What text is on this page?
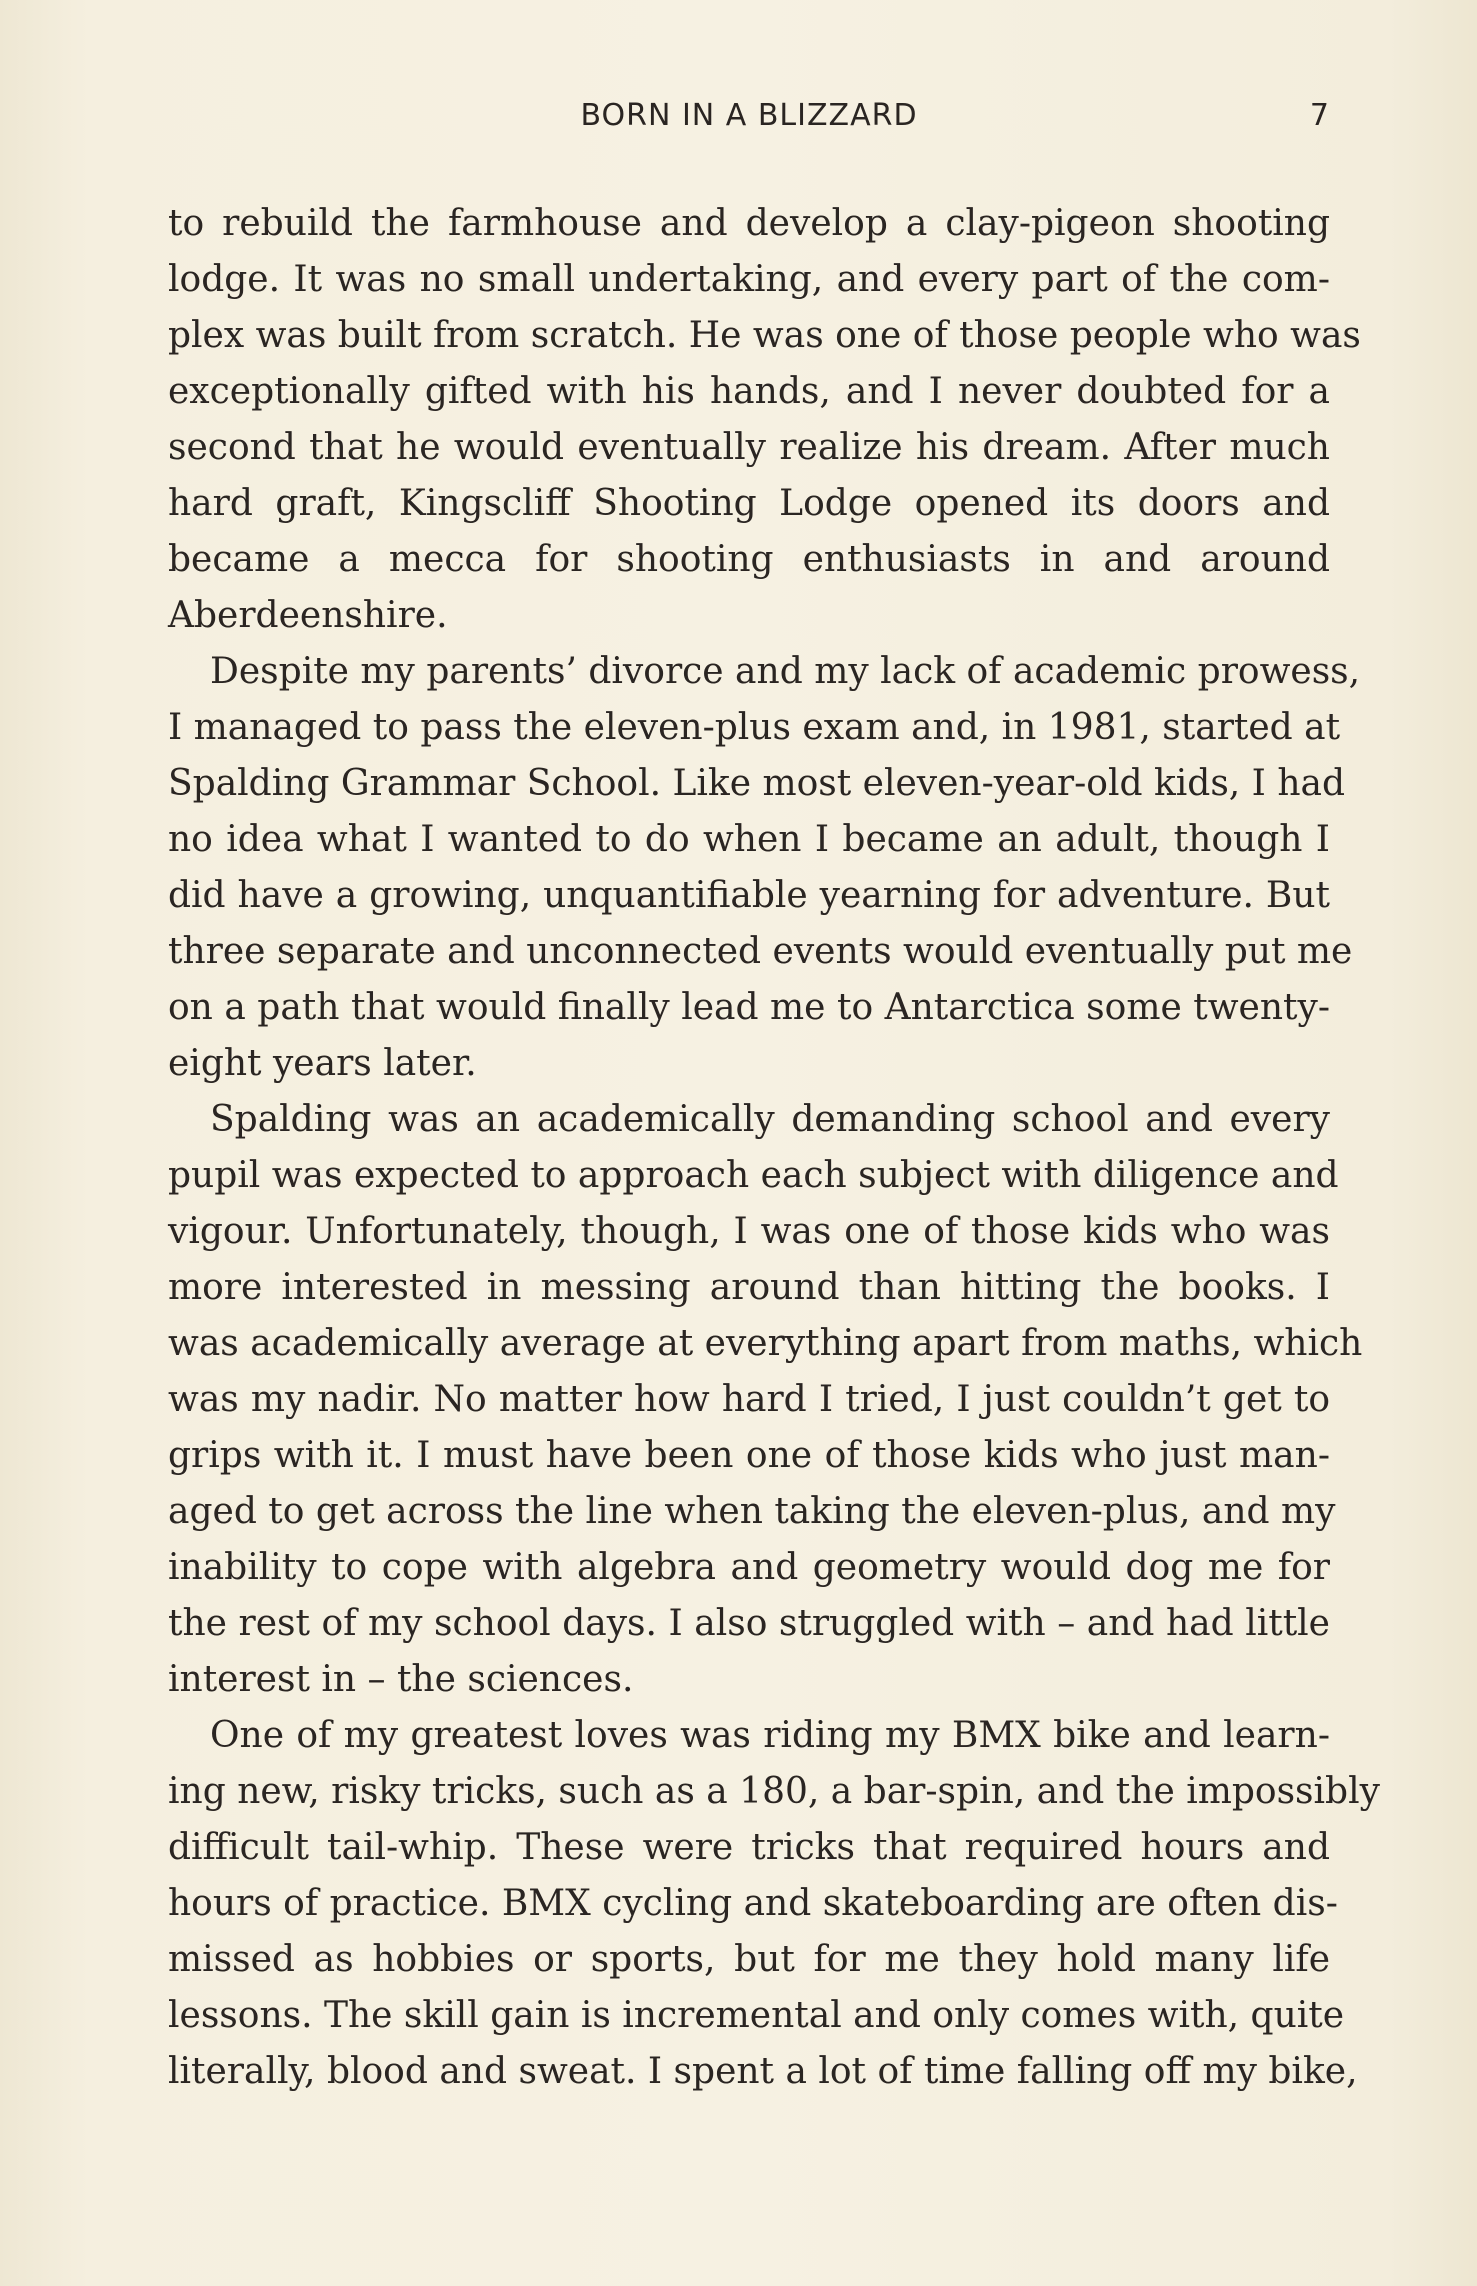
BORN IN A BLIZZARD	7
to rebuild the farmhouse and develop a clay-pigeon shooting
lodge. It was no small undertaking, and every part of the com-
plex was built from scratch. He was one of those people who was
exceptionally gifted with his hands, and I never doubted for a
second that he would eventually realize his dream. After much
hard graft, Kingscliff Shooting Lodge opened its doors and
became a mecca for shooting enthusiasts in and around
Aberdeenshire.
Despite my parents’ divorce and my lack of academic prowess,
I managed to pass the eleven-plus exam and, in 1981, started at
Spalding Grammar School. Like most eleven-year-old kids, I had
no idea what I wanted to do when I became an adult, though I
did have a growing, unquantifiable yearning for adventure. But
three separate and unconnected events would eventually put me
on a path that would finally lead me to Antarctica some twenty-
eight years later.
Spalding was an academically demanding school and every
pupil was expected to approach each subject with diligence and
vigour. Unfortunately, though, I was one of those kids who was
more interested in messing around than hitting the books. I
was academically average at everything apart from maths, which
was my nadir. No matter how hard I tried, I just couldn’t get to
grips with it. I must have been one of those kids who just man-
aged to get across the line when taking the eleven-plus, and my
inability to cope with algebra and geometry would dog me for
the rest of my school days. I also struggled with – and had little
interest in – the sciences.
One of my greatest loves was riding my BMX bike and learn-
ing new, risky tricks, such as a 180, a bar-spin, and the impossibly
difficult tail-whip. These were tricks that required hours and
hours of practice. BMX cycling and skateboarding are often dis-
missed as hobbies or sports, but for me they hold many life
lessons. The skill gain is incremental and only comes with, quite
literally, blood and sweat. I spent a lot of time falling off my bike,
